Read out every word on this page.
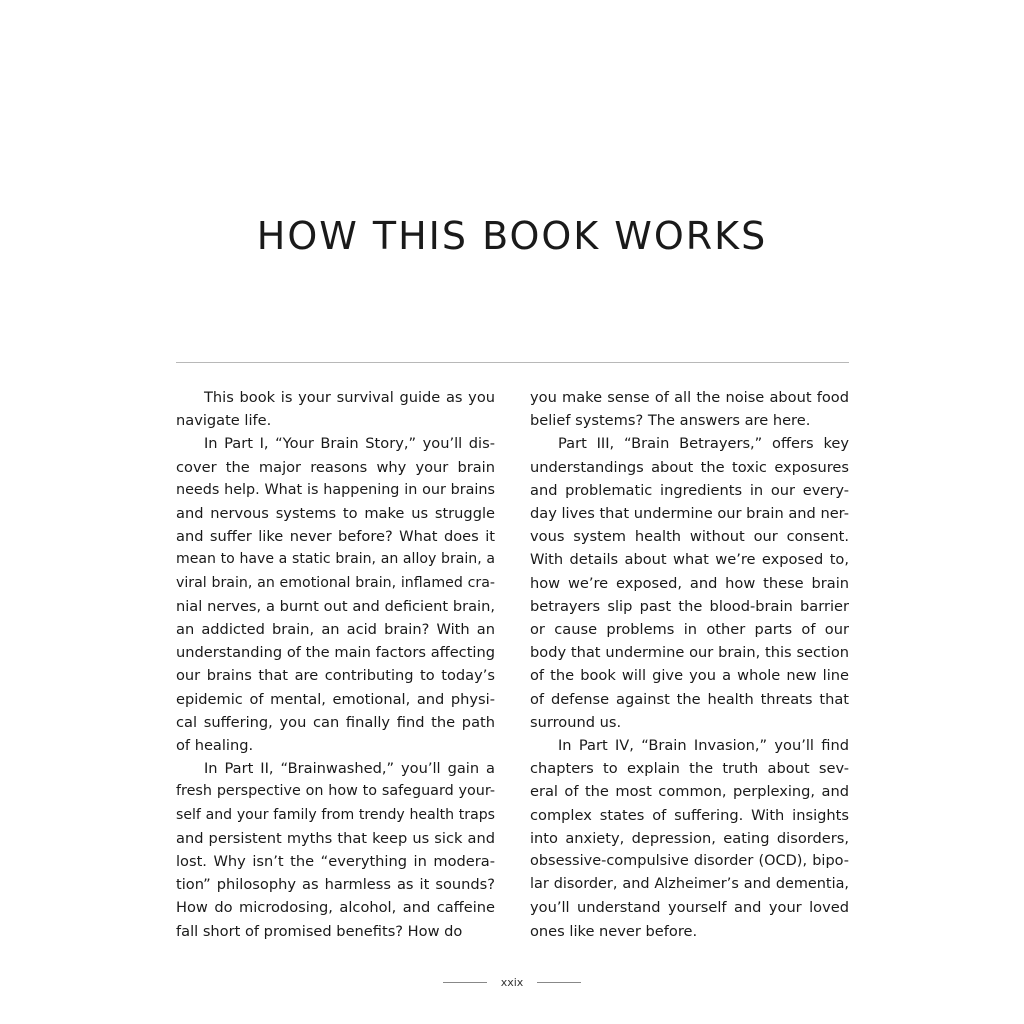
HOW THIS BOOK WORKS
This book is your survival guide as you
navigate life.
In Part I, “Your Brain Story,” you’ll dis-
cover the major reasons why your brain
needs help. What is happening in our brains
and nervous systems to make us struggle
and suffer like never before? What does it
mean to have a static brain, an alloy brain, a
viral brain, an emotional brain, inflamed cra-
nial nerves, a burnt out and deficient brain,
an addicted brain, an acid brain? With an
understanding of the main factors affecting
our brains that are contributing to today’s
epidemic of mental, emotional, and physi-
cal suffering, you can finally find the path
of healing.
In Part II, “Brainwashed,” you’ll gain a
fresh perspective on how to safeguard your-
self and your family from trendy health traps
and persistent myths that keep us sick and
lost. Why isn’t the “everything in modera-
tion” philosophy as harmless as it sounds?
How do microdosing, alcohol, and caffeine
fall short of promised benefits? How do
you make sense of all the noise about food
belief systems? The answers are here.
Part III, “Brain Betrayers,” offers key
understandings about the toxic exposures
and problematic ingredients in our every-
day lives that undermine our brain and ner-
vous system health without our consent.
With details about what we’re exposed to,
how we’re exposed, and how these brain
betrayers slip past the blood-brain barrier
or cause problems in other parts of our
body that undermine our brain, this section
of the book will give you a whole new line
of defense against the health threats that
surround us.
In Part IV, “Brain Invasion,” you’ll find
chapters to explain the truth about sev-
eral of the most common, perplexing, and
complex states of suffering. With insights
into anxiety, depression, eating disorders,
obsessive-compulsive disorder (OCD), bipo-
lar disorder, and Alzheimer’s and dementia,
you’ll understand yourself and your loved
ones like never before.
xxix
